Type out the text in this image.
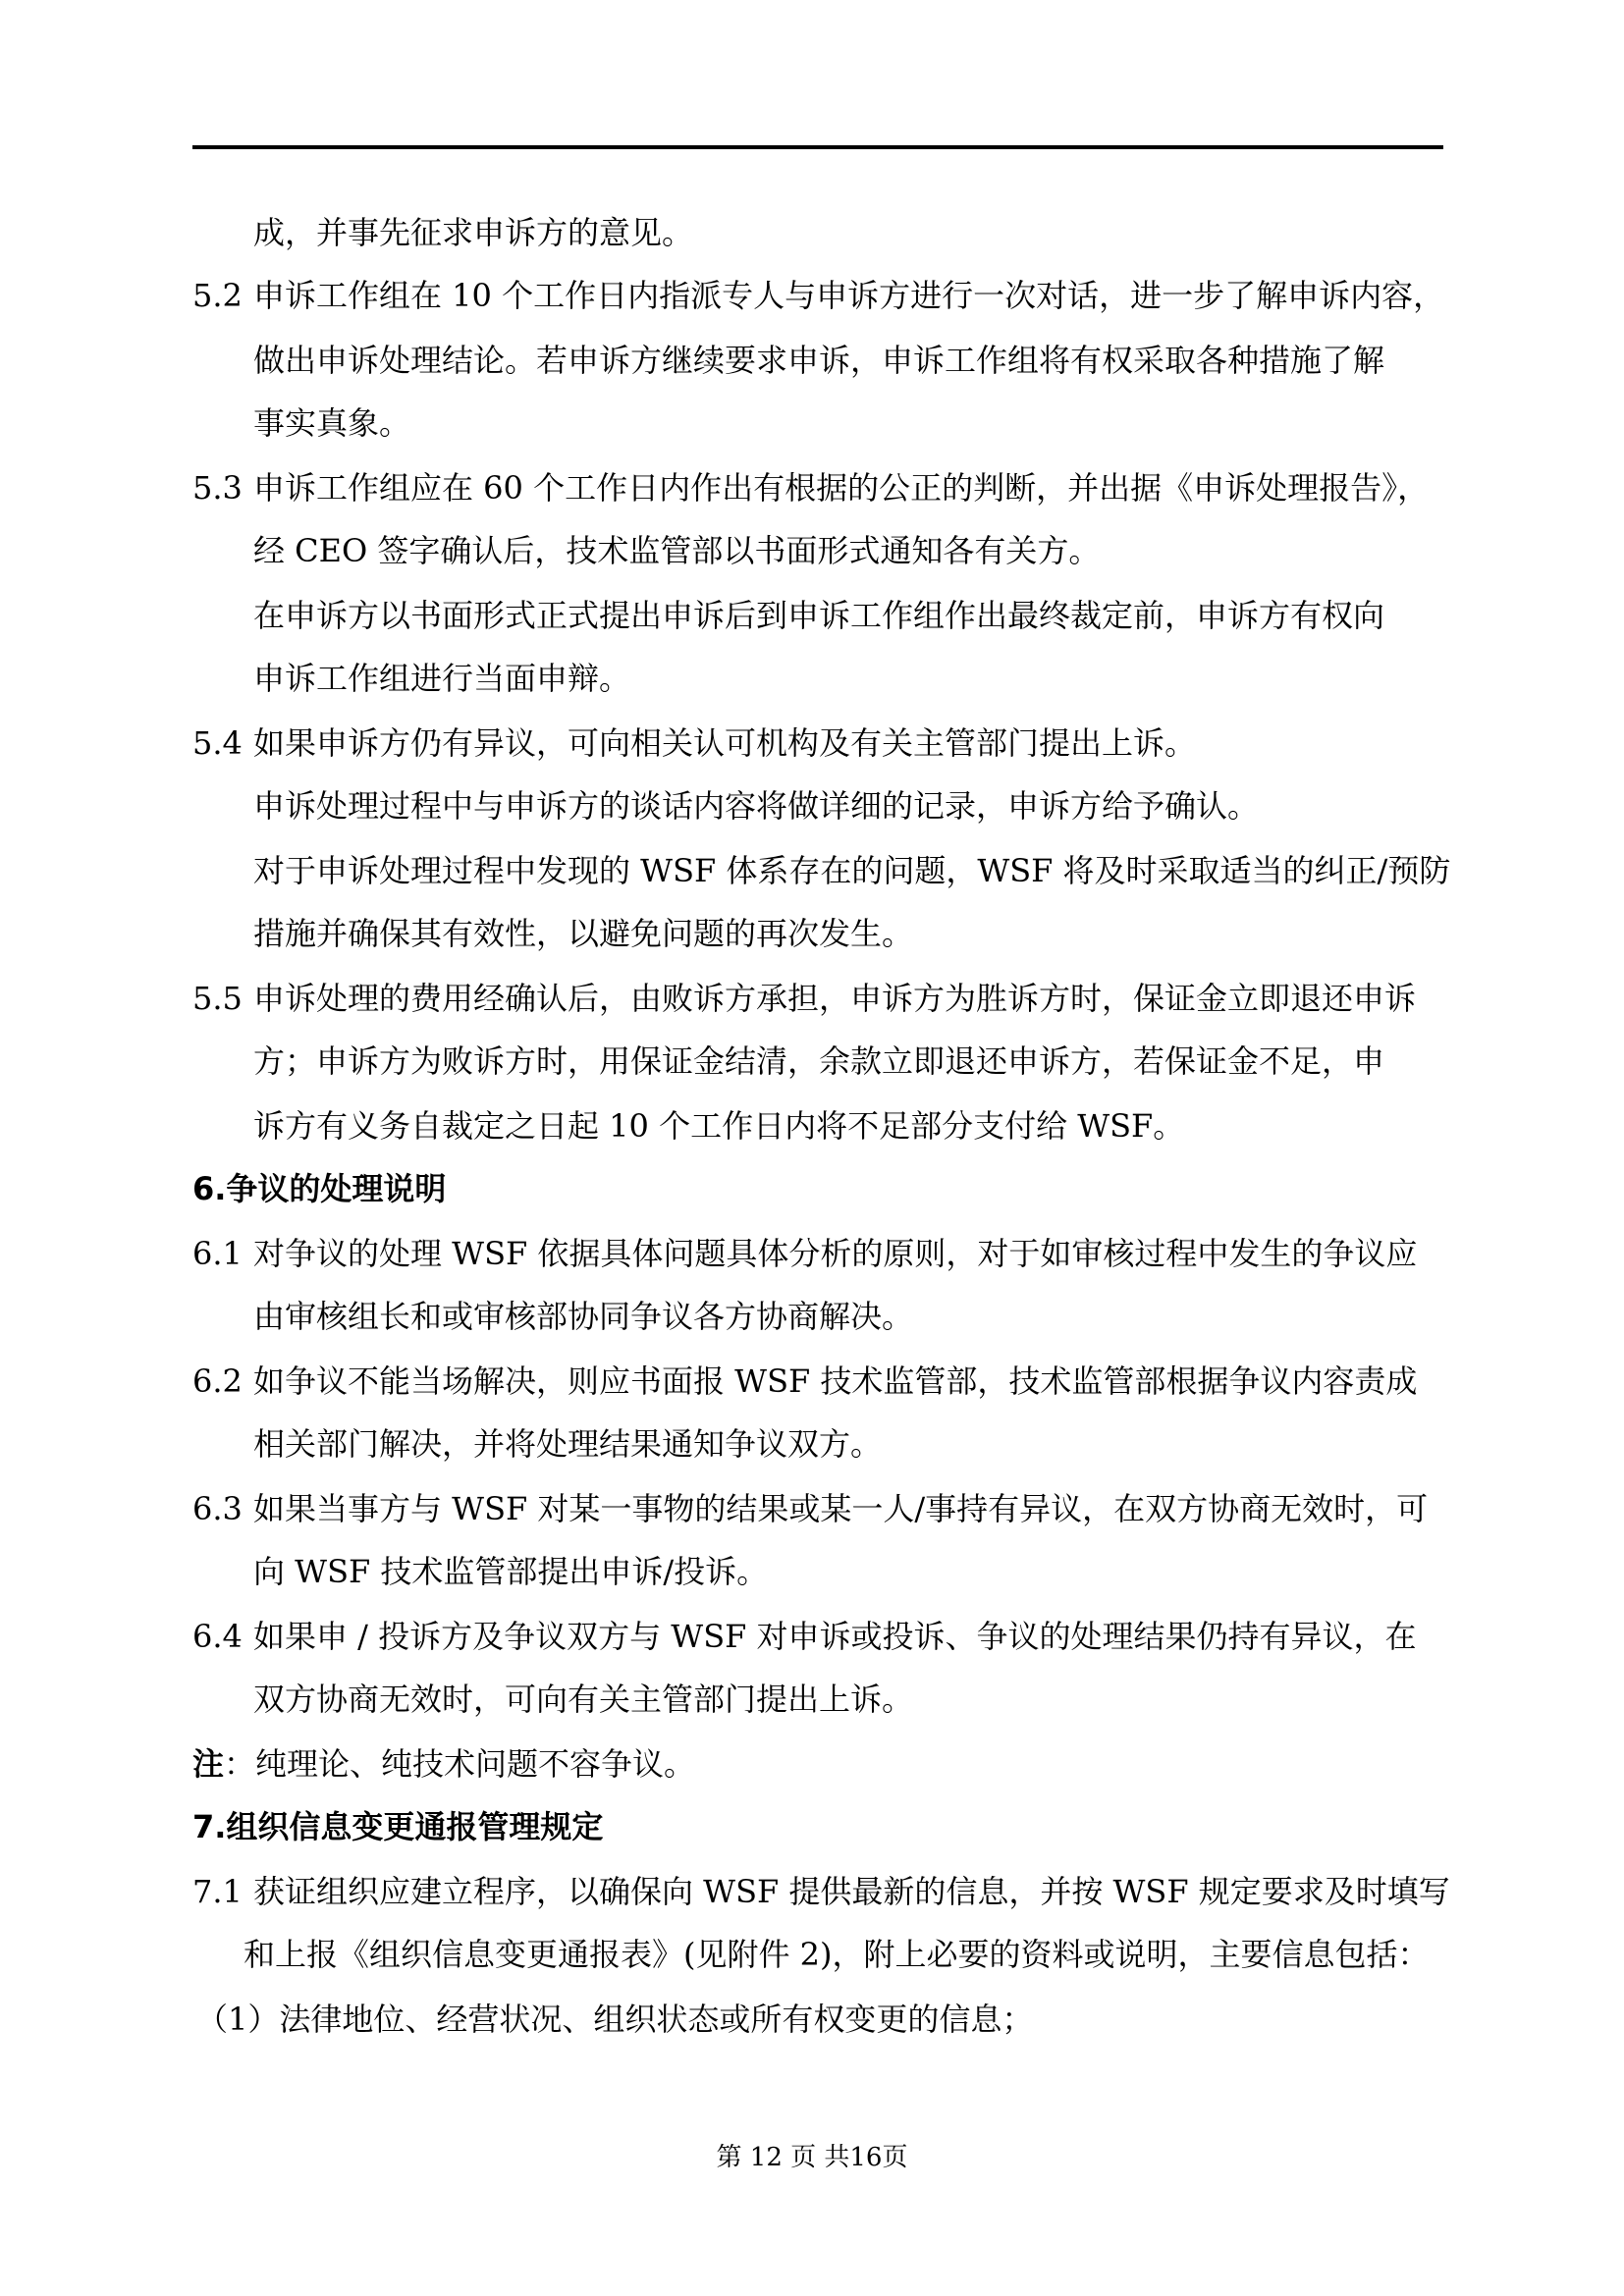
成，并事先征求申诉方的意见。
5.2 申诉工作组在 10 个工作日内指派专人与申诉方进行一次对话，进一步了解申诉内容，
做出申诉处理结论。若申诉方继续要求申诉，申诉工作组将有权采取各种措施了解
事实真象。
5.3 申诉工作组应在 60 个工作日内作出有根据的公正的判断，并出据《申诉处理报告》，
经 CEO 签字确认后，技术监管部以书面形式通知各有关方。
在申诉方以书面形式正式提出申诉后到申诉工作组作出最终裁定前，申诉方有权向
申诉工作组进行当面申辩。
5.4 如果申诉方仍有异议，可向相关认可机构及有关主管部门提出上诉。
申诉处理过程中与申诉方的谈话内容将做详细的记录，申诉方给予确认。
对于申诉处理过程中发现的 WSF 体系存在的问题，WSF 将及时采取适当的纠正/预防
措施并确保其有效性，以避免问题的再次发生。
5.5 申诉处理的费用经确认后，由败诉方承担，申诉方为胜诉方时，保证金立即退还申诉
方；申诉方为败诉方时，用保证金结清，余款立即退还申诉方，若保证金不足，申
诉方有义务自裁定之日起 10 个工作日内将不足部分支付给 WSF。
6.争议的处理说明
6.1 对争议的处理 WSF 依据具体问题具体分析的原则，对于如审核过程中发生的争议应
由审核组长和或审核部协同争议各方协商解决。
6.2 如争议不能当场解决，则应书面报 WSF 技术监管部，技术监管部根据争议内容责成
相关部门解决，并将处理结果通知争议双方。
6.3 如果当事方与 WSF 对某一事物的结果或某一人/事持有异议，在双方协商无效时，可
向 WSF 技术监管部提出申诉/投诉。
6.4 如果申 / 投诉方及争议双方与 WSF 对申诉或投诉、争议的处理结果仍持有异议，在
双方协商无效时，可向有关主管部门提出上诉。
注：纯理论、纯技术问题不容争议。
7.组织信息变更通报管理规定
7.1 获证组织应建立程序，以确保向 WSF 提供最新的信息，并按 WSF 规定要求及时填写
和上报《组织信息变更通报表》(见附件 2)，附上必要的资料或说明，主要信息包括：
（1）法律地位、经营状况、组织状态或所有权变更的信息；
第 12 页 共16页
